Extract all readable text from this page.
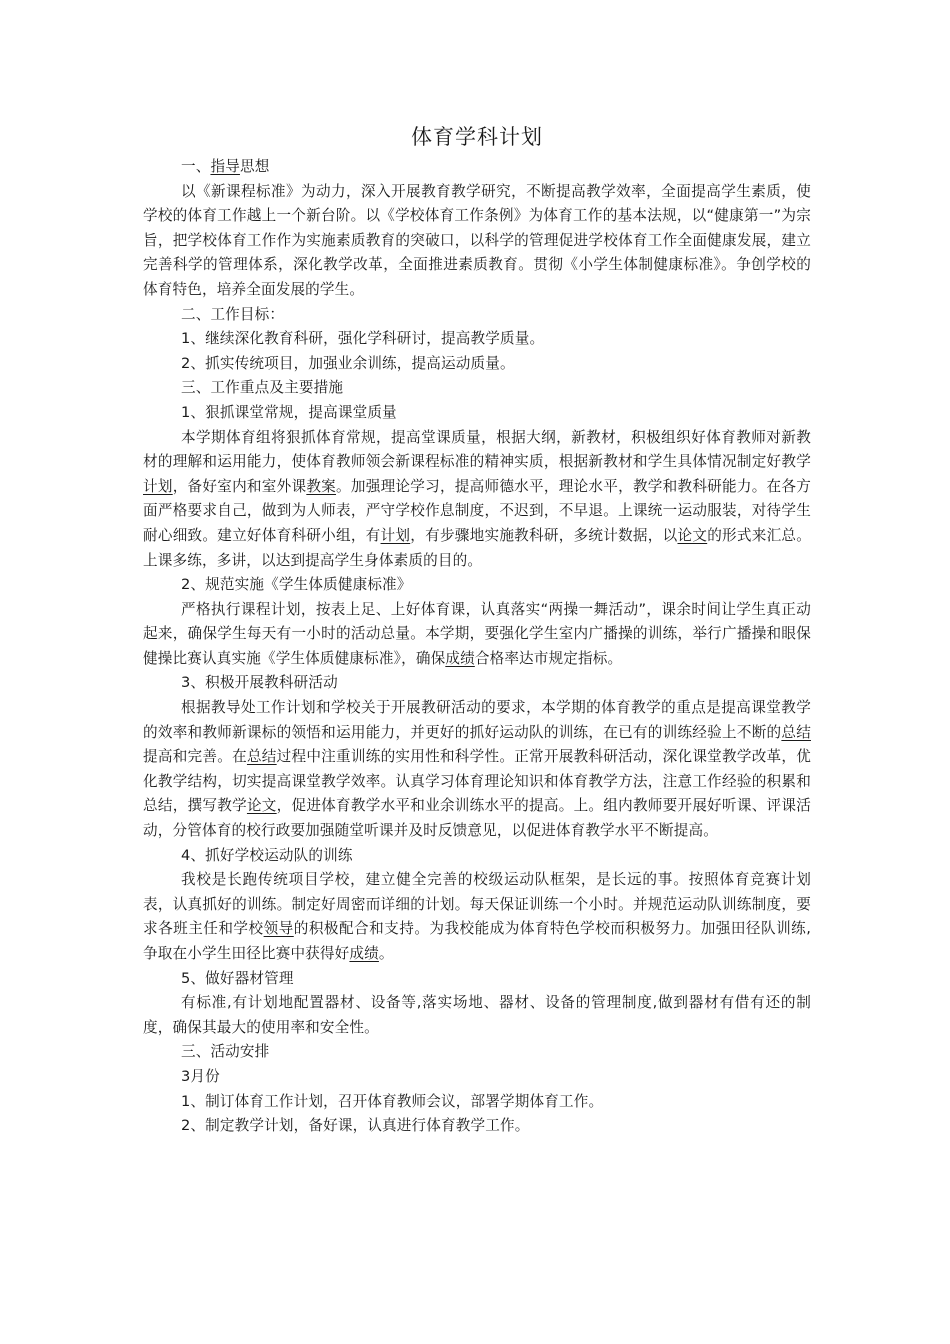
体育学科计划

一、指导思想

以《新课程标准》为动力，深入开展教育教学研究，不断提高教学效率，全面提高学生素质，使学校的体育工作越上一个新台阶。以《学校体育工作条例》为体育工作的基本法规，以“健康第一”为宗旨，把学校体育工作作为实施素质教育的突破口，以科学的管理促进学校体育工作全面健康发展，建立完善科学的管理体系，深化教学改革，全面推进素质教育。贯彻《小学生体制健康标准》。争创学校的体育特色，培养全面发展的学生。

二、工作目标：

1、继续深化教育科研，强化学科研讨，提高教学质量。

2、抓实传统项目，加强业余训练，提高运动质量。

三、工作重点及主要措施

1、狠抓课堂常规，提高课堂质量

本学期体育组将狠抓体育常规，提高堂课质量，根据大纲，新教材，积极组织好体育教师对新教材的理解和运用能力，使体育教师领会新课程标准的精神实质，根据新教材和学生具体情况制定好教学计划，备好室内和室外课教案。加强理论学习，提高师德水平，理论水平，教学和教科研能力。在各方面严格要求自己，做到为人师表，严守学校作息制度，不迟到，不早退。上课统一运动服装，对待学生耐心细致。建立好体育科研小组，有计划，有步骤地实施教科研，多统计数据，以论文的形式来汇总。上课多练，多讲，以达到提高学生身体素质的目的。

2、规范实施《学生体质健康标准》

严格执行课程计划，按表上足、上好体育课，认真落实“两操一舞活动”，课余时间让学生真正动起来，确保学生每天有一小时的活动总量。本学期，要强化学生室内广播操的训练，举行广播操和眼保健操比赛认真实施《学生体质健康标准》，确保成绩合格率达市规定指标。

3、积极开展教科研活动

根据教导处工作计划和学校关于开展教研活动的要求，本学期的体育教学的重点是提高课堂教学的效率和教师新课标的领悟和运用能力，并更好的抓好运动队的训练，在已有的训练经验上不断的总结提高和完善。在总结过程中注重训练的实用性和科学性。正常开展教科研活动，深化课堂教学改革，优化教学结构，切实提高课堂教学效率。认真学习体育理论知识和体育教学方法，注意工作经验的积累和总结，撰写教学论文，促进体育教学水平和业余训练水平的提高。上。组内教师要开展好听课、评课活动，分管体育的校行政要加强随堂听课并及时反馈意见，以促进体育教学水平不断提高。

4、抓好学校运动队的训练

我校是长跑传统项目学校，建立健全完善的校级运动队框架，是长远的事。按照体育竞赛计划表，认真抓好的训练。制定好周密而详细的计划。每天保证训练一个小时。并规范运动队训练制度，要求各班主任和学校领导的积极配合和支持。为我校能成为体育特色学校而积极努力。加强田径队训练,争取在小学生田径比赛中获得好成绩。

5、做好器材管理

有标准,有计划地配置器材、设备等,落实场地、器材、设备的管理制度,做到器材有借有还的制度，确保其最大的使用率和安全性。

三、活动安排

3月份

1、制订体育工作计划，召开体育教师会议，部署学期体育工作。

2、制定教学计划，备好课，认真进行体育教学工作。
